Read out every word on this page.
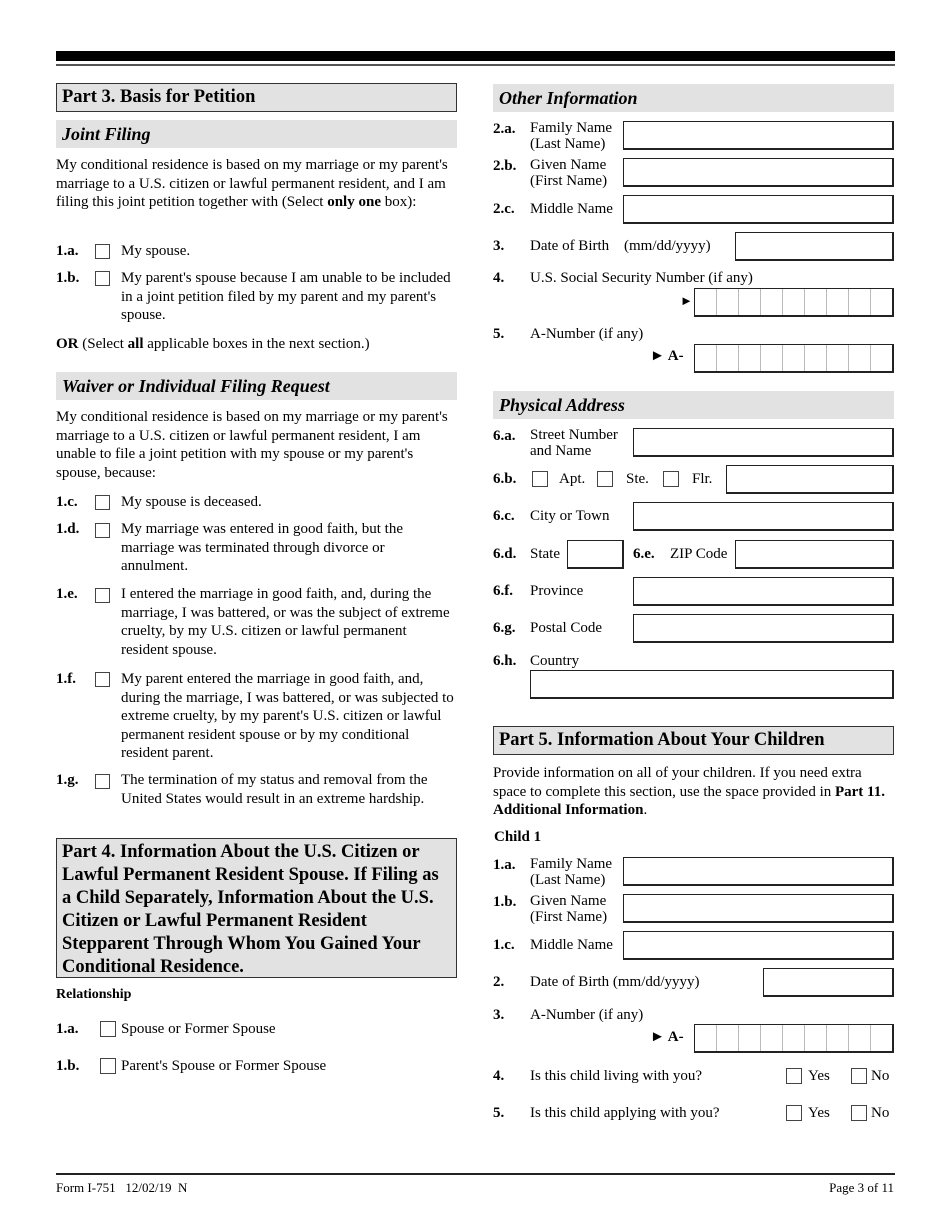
Part 3. Basis for Petition
Joint Filing
My conditional residence is based on my marriage or my parent's marriage to a U.S. citizen or lawful permanent resident, and I am filing this joint petition together with (Select only one box):
1.a.	My spouse.
1.b.	My parent's spouse because I am unable to be included in a joint petition filed by my parent and my parent's spouse.
OR (Select all applicable boxes in the next section.)
Waiver or Individual Filing Request
My conditional residence is based on my marriage or my parent's marriage to a U.S. citizen or lawful permanent resident, I am unable to file a joint petition with my spouse or my parent's spouse, because:
1.c.	My spouse is deceased.
1.d.	My marriage was entered in good faith, but the marriage was terminated through divorce or annulment.
1.e.	I entered the marriage in good faith, and, during the marriage, I was battered, or was the subject of extreme cruelty, by my U.S. citizen or lawful permanent resident spouse.
1.f.	My parent entered the marriage in good faith, and, during the marriage, I was battered, or was subjected to extreme cruelty, by my parent's U.S. citizen or lawful permanent resident spouse or by my conditional resident parent.
1.g.	The termination of my status and removal from the United States would result in an extreme hardship.
Part 4. Information About the U.S. Citizen or Lawful Permanent Resident Spouse. If Filing as a Child Separately, Information About the U.S. Citizen or Lawful Permanent Resident Stepparent Through Whom You Gained Your Conditional Residence.
Relationship
1.a.	Spouse or Former Spouse
1.b.	Parent's Spouse or Former Spouse
Other Information
2.a. Family Name
(Last Name)
2.b. Given Name
(First Name)
2.c. Middle Name
3. Date of Birth (mm/dd/yyyy)
4. U.S. Social Security Number (if any)
►
5. A-Number (if any)
► A-
Physical Address
6.a. Street Number
and Name
6.b.	Apt.	Ste.	Flr.
6.c. City or Town
6.d. State	6.e. ZIP Code
6.f. Province
6.g. Postal Code
6.h. Country
Part 5. Information About Your Children
Provide information on all of your children. If you need extra space to complete this section, use the space provided in Part 11. Additional Information.
Child 1
1.a. Family Name
(Last Name)
1.b. Given Name
(First Name)
1.c. Middle Name
2. Date of Birth (mm/dd/yyyy)
3. A-Number (if any)
► A-
4. Is this child living with you?	Yes	No
5. Is this child applying with you?	Yes	No
Form I-751   12/02/19  N	Page 3 of 11
